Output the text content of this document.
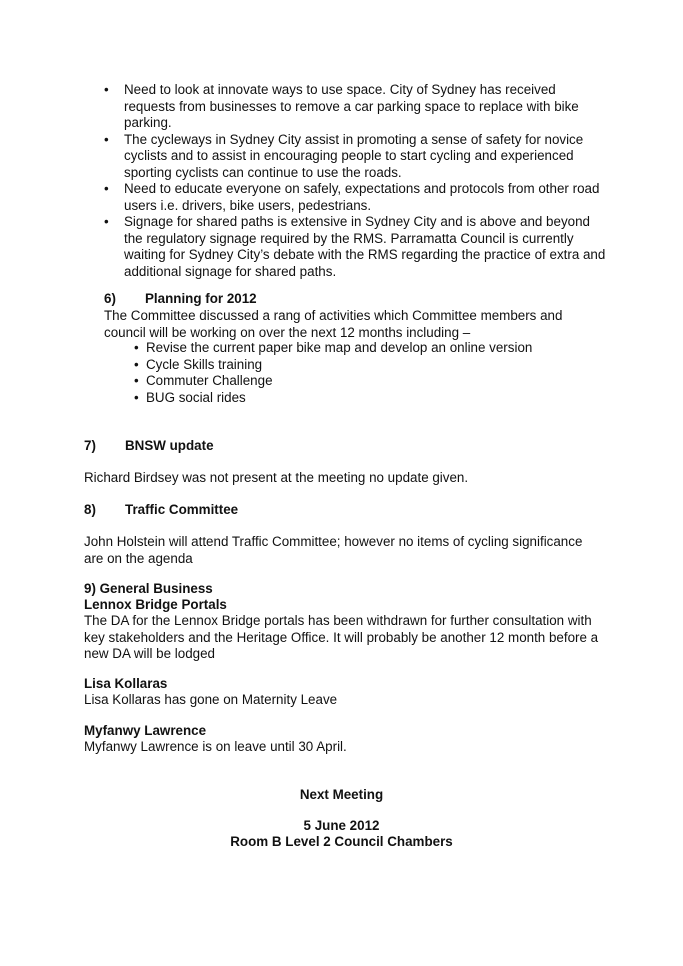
• Need to look at innovate ways to use space. City of Sydney has received requests from businesses to remove a car parking space to replace with bike parking.
• The cycleways in Sydney City assist in promoting a sense of safety for novice cyclists and to assist in encouraging people to start cycling and experienced sporting cyclists can continue to use the roads.
• Need to educate everyone on safely, expectations and protocols from other road users i.e. drivers, bike users, pedestrians.
• Signage for shared paths is extensive in Sydney City and is above and beyond the regulatory signage required by the RMS. Parramatta Council is currently waiting for Sydney City’s debate with the RMS regarding the practice of extra and additional signage for shared paths.
6) Planning for 2012
The Committee discussed a rang of activities which Committee members and council will be working on over the next 12 months including –
• Revise the current paper bike map and develop an online version
• Cycle Skills training
• Commuter Challenge
• BUG social rides
7) BNSW update
Richard Birdsey was not present at the meeting no update given.
8) Traffic Committee
John Holstein will attend Traffic Committee; however no items of cycling significance are on the agenda
9) General Business
Lennox Bridge Portals
The DA for the Lennox Bridge portals has been withdrawn for further consultation with key stakeholders and the Heritage Office. It will probably be another 12 month before a new DA will be lodged
Lisa Kollaras
Lisa Kollaras has gone on Maternity Leave
Myfanwy Lawrence
Myfanwy Lawrence is on leave until 30 April.
Next Meeting
5 June 2012
Room B Level 2 Council Chambers
